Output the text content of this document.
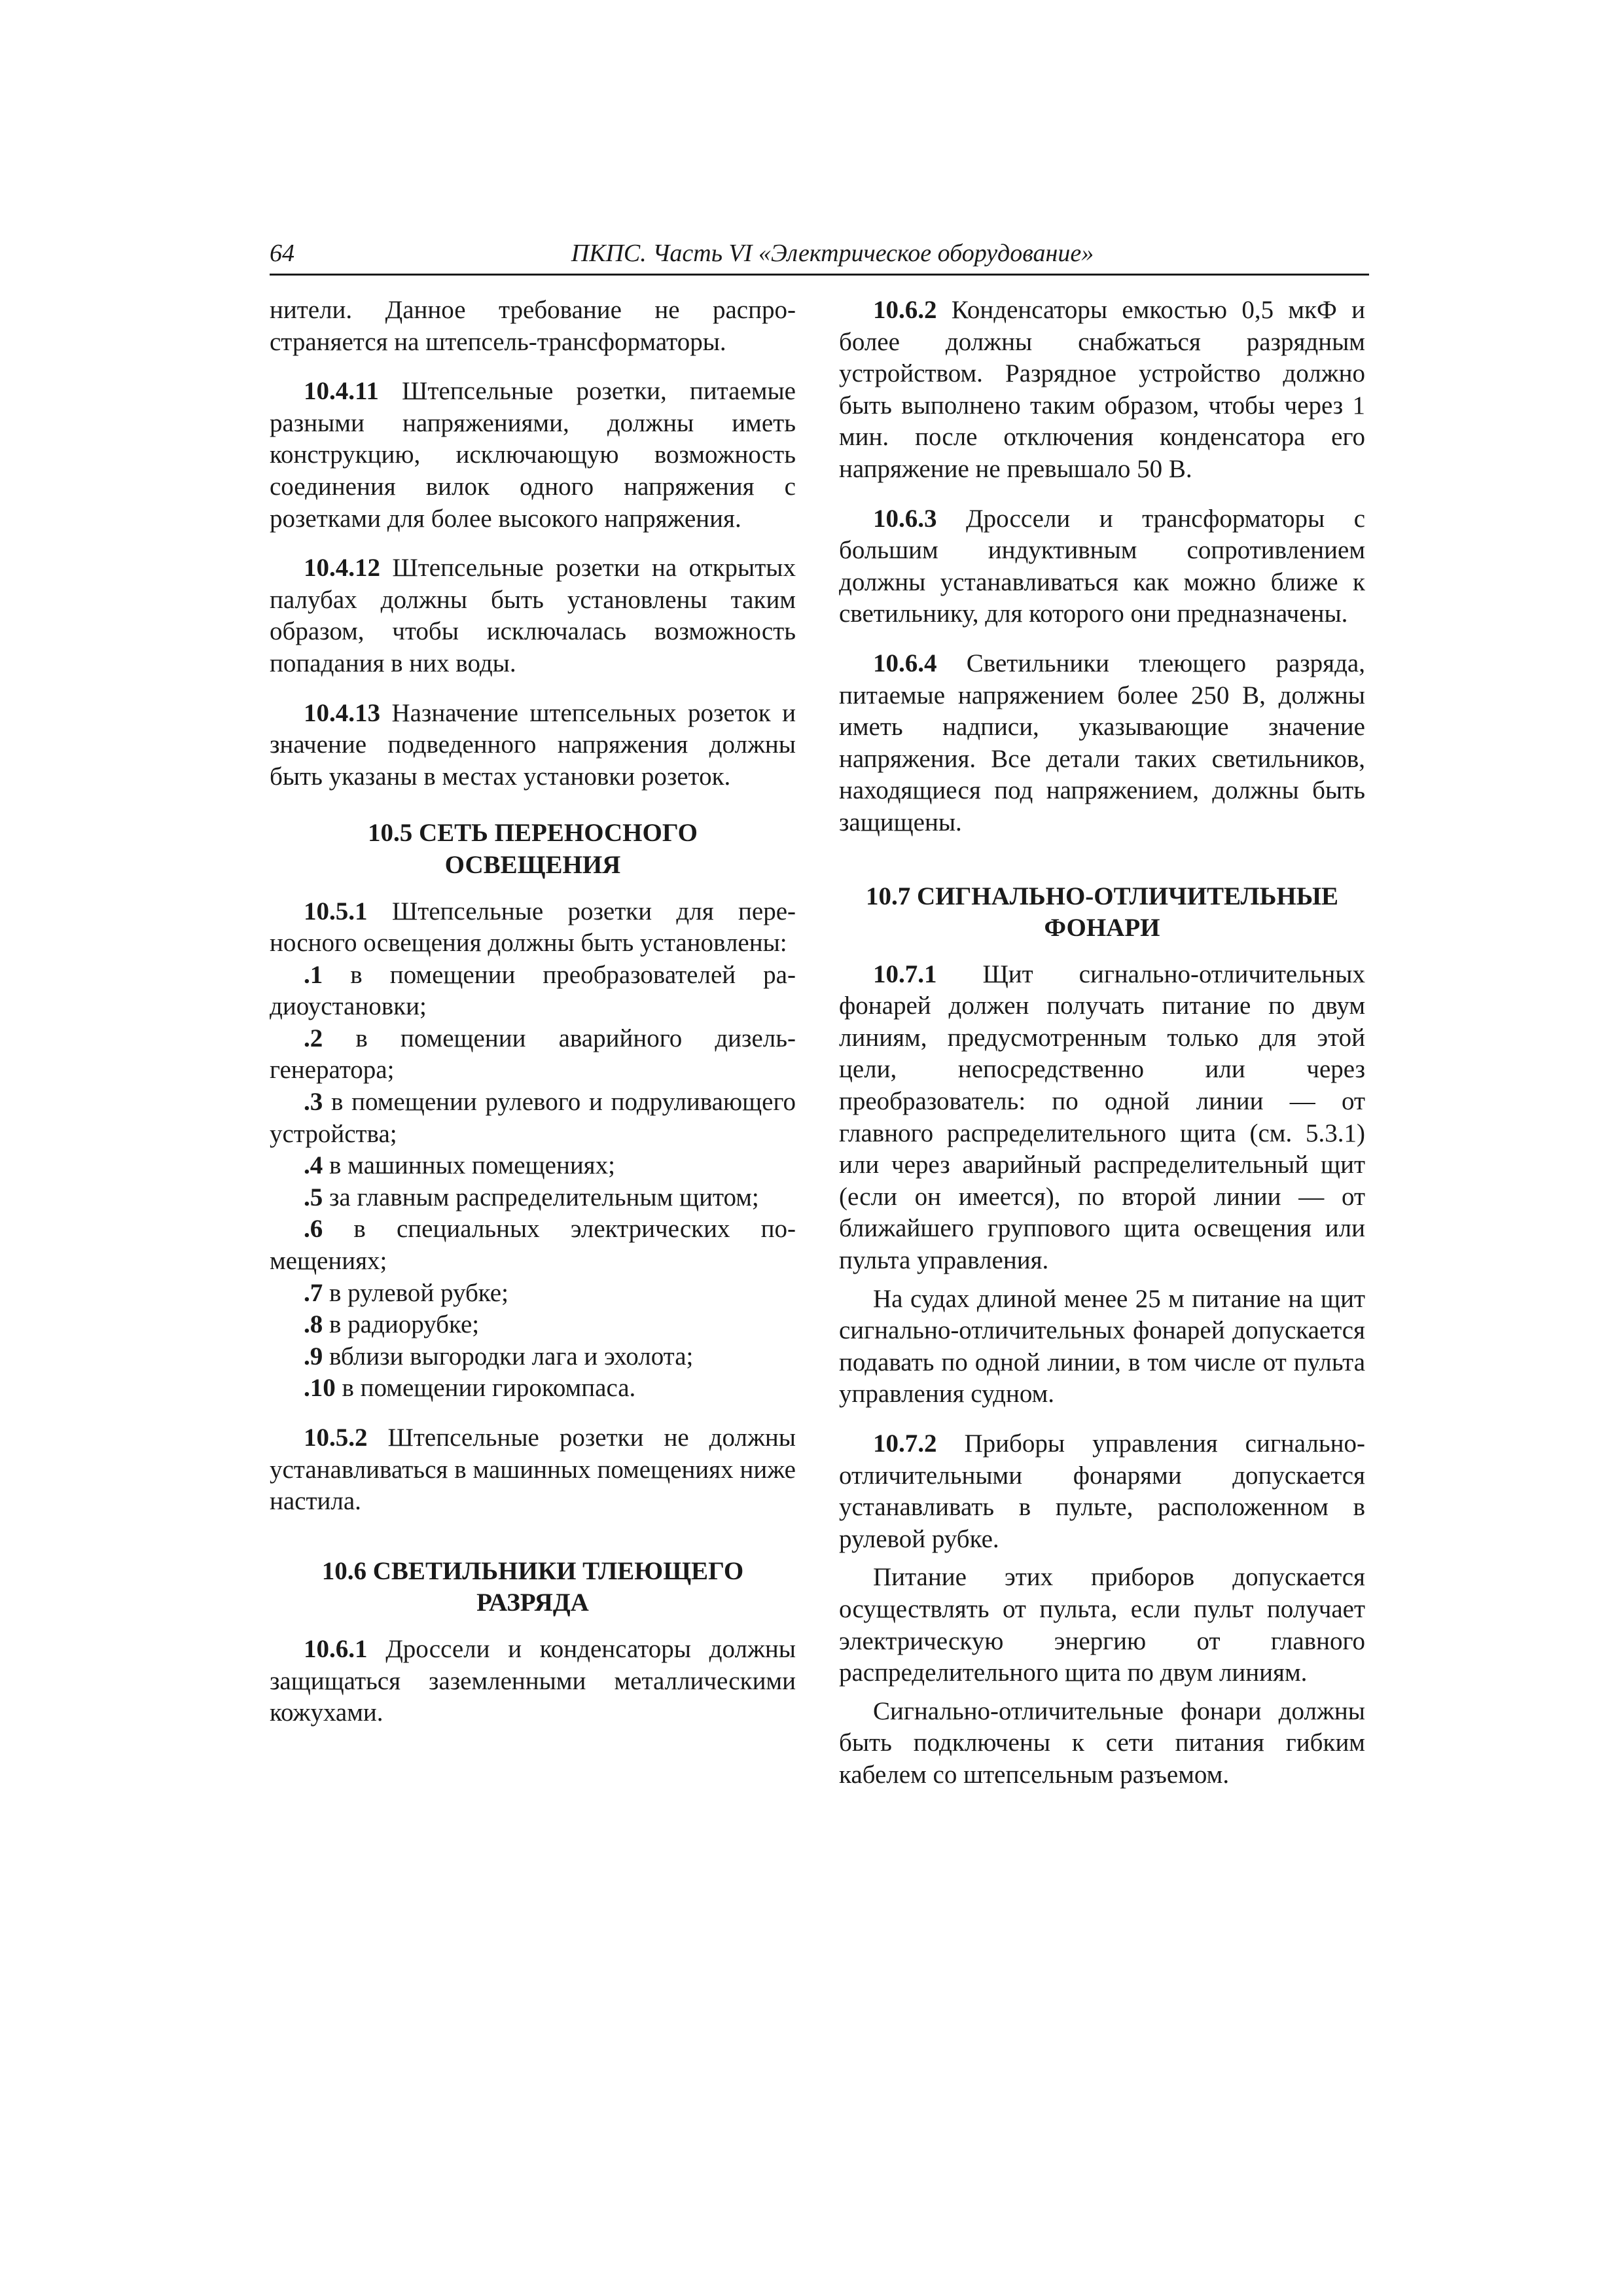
64	ПКПС. Часть VI «Электрическое оборудование»

нители. Данное требование не распространяется на штепсель-трансформаторы.

10.4.11 Штепсельные розетки, питаемые разными напряжениями, должны иметь конструкцию, исключающую возможность соединения вилок одного напряжения с розетками для более высокого напряжения.

10.4.12 Штепсельные розетки на открытых палубах должны быть установлены таким образом, чтобы исключалась возможность попадания в них воды.

10.4.13 Назначение штепсельных розеток и значение подведенного напряжения должны быть указаны в местах установки розеток.

10.5 СЕТЬ ПЕРЕНОСНОГО
ОСВЕЩЕНИЯ

10.5.1 Штепсельные розетки для переносного освещения должны быть установлены:

.1 в помещении преобразователей радиоустановки;

.2 в помещении аварийного дизель-генератора;

.3 в помещении рулевого и подруливающего устройства;

.4 в машинных помещениях;

.5 за главным распределительным щитом;

.6 в специальных электрических помещениях;

.7 в рулевой рубке;

.8 в радиорубке;

.9 вблизи выгородки лага и эхолота;

.10 в помещении гирокомпаса.

10.5.2 Штепсельные розетки не должны устанавливаться в машинных помещениях ниже настила.

10.6 СВЕТИЛЬНИКИ ТЛЕЮЩЕГО
РАЗРЯДА

10.6.1 Дроссели и конденсаторы должны защищаться заземленными металлическими кожухами.

10.6.2 Конденсаторы емкостью 0,5 мкФ и более должны снабжаться разрядным устройством. Разрядное устройство должно быть выполнено таким образом, чтобы через 1 мин. после отключения конденсатора его напряжение не превышало 50 В.

10.6.3 Дроссели и трансформаторы с большим индуктивным сопротивлением должны устанавливаться как можно ближе к светильнику, для которого они предназначены.

10.6.4 Светильники тлеющего разряда, питаемые напряжением более 250 В, должны иметь надписи, указывающие значение напряжения. Все детали таких светильников, находящиеся под напряжением, должны быть защищены.

10.7 СИГНАЛЬНО-ОТЛИЧИТЕЛЬНЫЕ
ФОНАРИ

10.7.1 Щит сигнально-отличительных фонарей должен получать питание по двум линиям, предусмотренным только для этой цели, непосредственно или через преобразователь: по одной линии — от главного распределительного щита (см. 5.3.1) или через аварийный распределительный щит (если он имеется), по второй линии — от ближайшего группового щита освещения или пульта управления.

На судах длиной менее 25 м питание на щит сигнально-отличительных фонарей допускается подавать по одной линии, в том числе от пульта управления судном.

10.7.2 Приборы управления сигнально-отличительными фонарями допускается устанавливать в пульте, расположенном в рулевой рубке.

Питание этих приборов допускается осуществлять от пульта, если пульт получает электрическую энергию от главного распределительного щита по двум линиям.

Сигнально-отличительные фонари должны быть подключены к сети питания гибким кабелем со штепсельным разъемом.
